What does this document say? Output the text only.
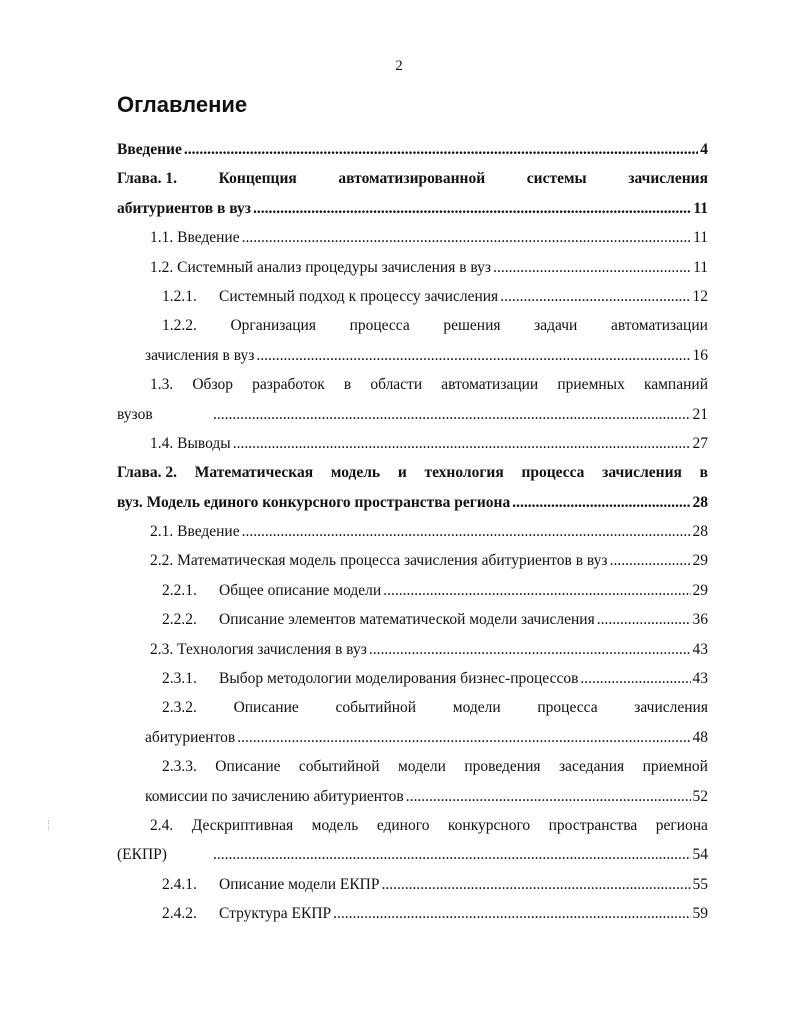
2
Оглавление
Введение .....	4
Глава. 1.	Концепция	автоматизированной	системы	зачисления
абитуриентов в вуз .....	11
1.1. Введение .....	11
1.2. Системный анализ процедуры зачисления в вуз .....	11
1.2.1.	Системный подход к процессу зачисления .....	12
1.2.2. Организация процесса решения задачи автоматизации
зачисления в вуз .....	16
1.3. Обзор разработок в области автоматизации приемных кампаний
вузов .....	21
1.4. Выводы .....	27
Глава. 2. Математическая модель и технология процесса зачисления в
вуз. Модель единого конкурсного пространства региона .....	28
2.1. Введение .....	28
2.2. Математическая модель процесса зачисления абитуриентов в вуз .....	29
2.2.1.	Общее описание модели .....	29
2.2.2.	Описание элементов математической модели зачисления .....	36
2.3. Технология зачисления в вуз .....	43
2.3.1.	Выбор методологии моделирования бизнес-процессов .....	43
2.3.2. Описание событийной модели процесса зачисления
абитуриентов .....	48
2.3.3. Описание событийной модели проведения заседания приемной
комиссии по зачислению абитуриентов .....	52
2.4. Дескриптивная модель единого конкурсного пространства региона
(ЕКПР) .....	54
2.4.1.	Описание модели ЕКПР .....	55
2.4.2.	Структура ЕКПР .....	59
